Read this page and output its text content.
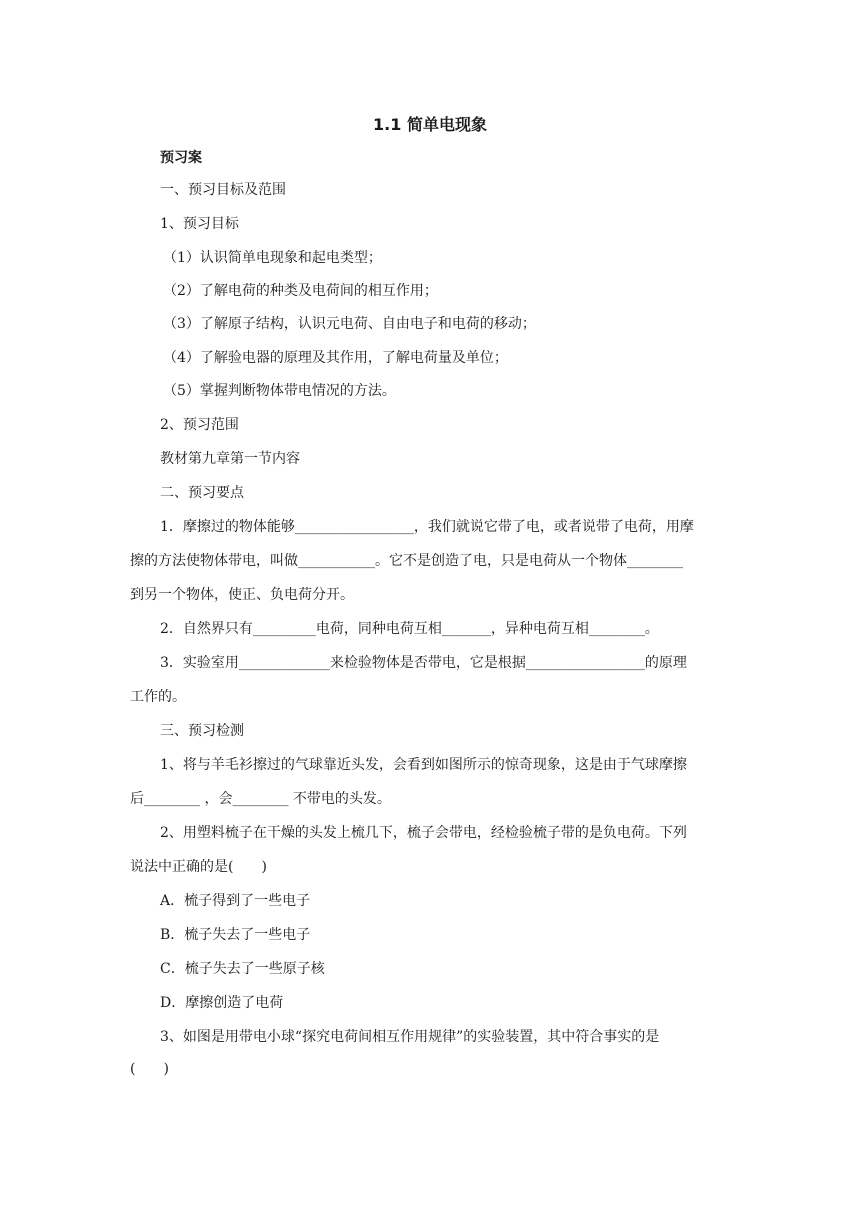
1.1 简单电现象
预习案
一、预习目标及范围
1、预习目标
（1）认识简单电现象和起电类型；
（2）了解电荷的种类及电荷间的相互作用；
（3）了解原子结构，认识元电荷、自由电子和电荷的移动；
（4）了解验电器的原理及其作用，了解电荷量及单位；
（5）掌握判断物体带电情况的方法。
2、预习范围
教材第九章第一节内容
二、预习要点
1．摩擦过的物体能够_________________，我们就说它带了电，或者说带了电荷，用摩
擦的方法使物体带电，叫做___________。它不是创造了电，只是电荷从一个物体________
到另一个物体，使正、负电荷分开。
2．自然界只有_________电荷，同种电荷互相_______，异种电荷互相________。
3．实验室用_____________来检验物体是否带电，它是根据_________________的原理
工作的。
三、预习检测
1、将与羊毛衫擦过的气球靠近头发，会看到如图所示的惊奇现象，这是由于气球摩擦
后________ ，会________ 不带电的头发。
2、用塑料梳子在干燥的头发上梳几下，梳子会带电，经检验梳子带的是负电荷。下列
说法中正确的是(　　)
A．梳子得到了一些电子
B．梳子失去了一些电子
C．梳子失去了一些原子核
D．摩擦创造了电荷
3、如图是用带电小球“探究电荷间相互作用规律”的实验装置，其中符合事实的是
(　　)
